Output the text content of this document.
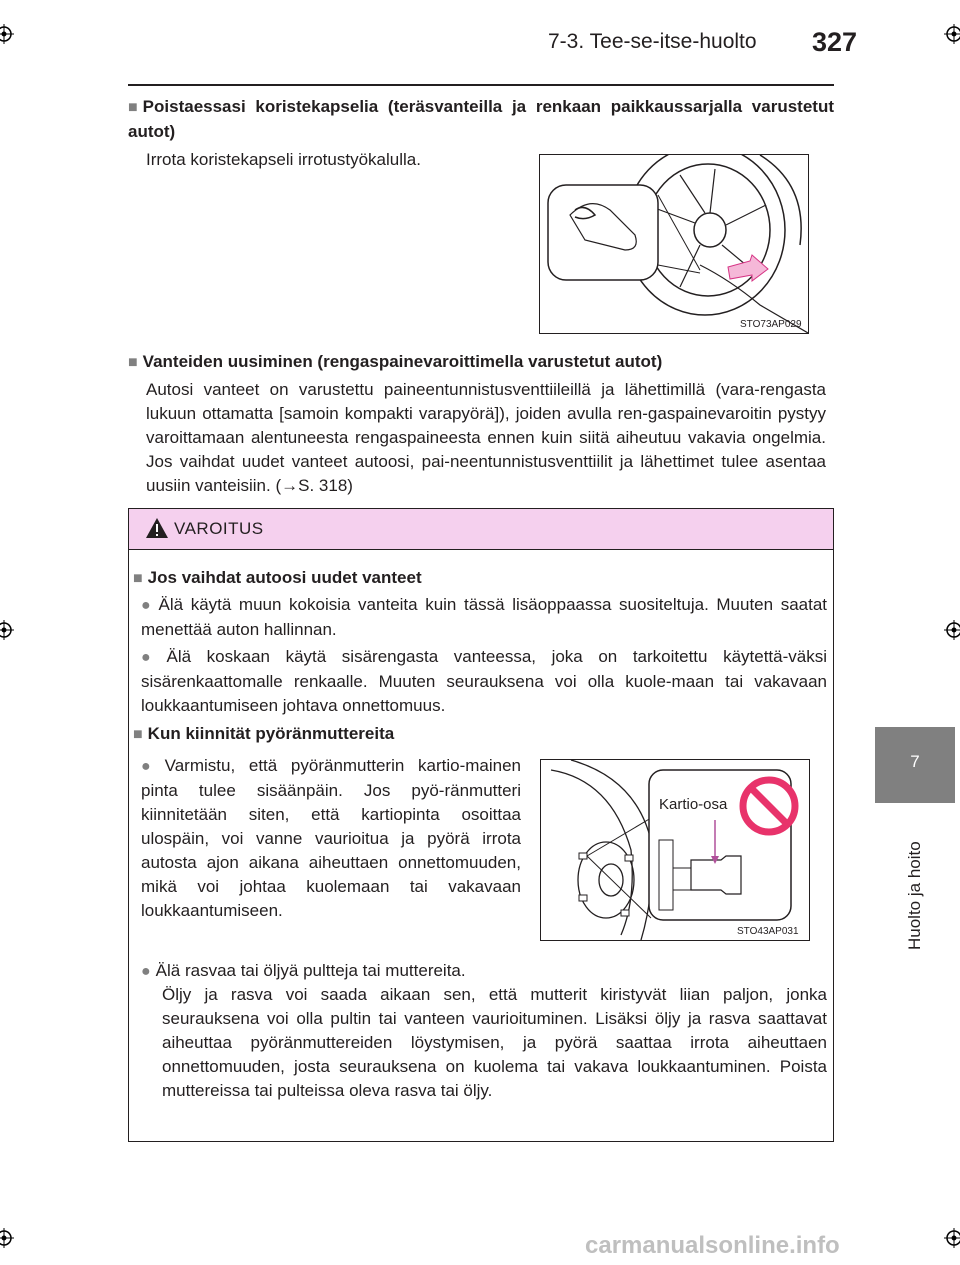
7-3. Tee-se-itse-huolto 327
7
Huolto ja hoito
■ Poistaessasi koristekapselia (teräsvanteilla ja renkaan paikkaussarjalla varustetut autot)
Irrota koristekapseli irrotustyökalulla.
STO73AP029
■ Vanteiden uusiminen (rengaspainevaroittimella varustetut autot)
Autosi vanteet on varustettu paineentunnistusventtiileillä ja lähettimillä (vara-rengasta lukuun ottamatta [samoin kompakti varapyörä]), joiden avulla ren-gaspainevaroitin pystyy varoittamaan alentuneesta rengaspaineesta ennen kuin siitä aiheutuu vakavia ongelmia. Jos vaihdat uudet vanteet autoosi, pai-neentunnistusventtiilit ja lähettimet tulee asentaa uusiin vanteisiin. (→S. 318)
VAROITUS
■ Jos vaihdat autoosi uudet vanteet
● Älä käytä muun kokoisia vanteita kuin tässä lisäoppaassa suositeltuja. Muuten saatat menettää auton hallinnan.
● Älä koskaan käytä sisärengasta vanteessa, joka on tarkoitettu käytettä-väksi sisärenkaattomalle renkaalle. Muuten seurauksena voi olla kuole-maan tai vakavaan loukkaantumiseen johtava onnettomuus.
■ Kun kiinnität pyöränmuttereita
● Varmistu, että pyöränmutterin kartio-mainen pinta tulee sisäänpäin. Jos pyö-ränmutteri kiinnitetään siten, että kartiopinta osoittaa ulospäin, voi vanne vaurioitua ja pyörä irrota autosta ajon aikana aiheuttaen onnettomuuden, mikä voi johtaa kuolemaan tai vakavaan loukkaantumiseen.
Kartio-osa
STO43AP031
● Älä rasvaa tai öljyä pultteja tai muttereita.
Öljy ja rasva voi saada aikaan sen, että mutterit kiristyvät liian paljon, jonka seurauksena voi olla pultin tai vanteen vaurioituminen. Lisäksi öljy ja rasva saattavat aiheuttaa pyöränmuttereiden löystymisen, ja pyörä saattaa irrota aiheuttaen onnettomuuden, josta seurauksena on kuolema tai vakava loukkaantuminen. Poista muttereissa tai pulteissa oleva rasva tai öljy.
carmanualsonline.info
